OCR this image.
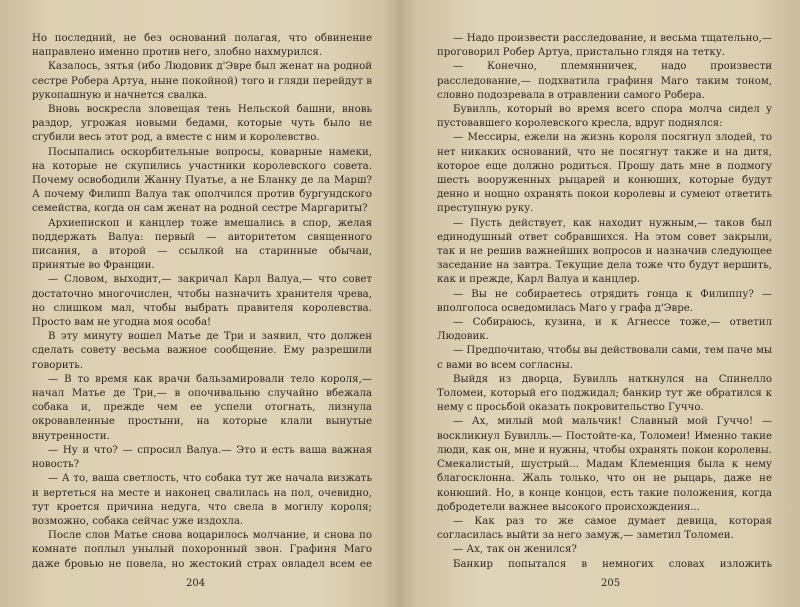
Но последний, не без оснований полагая, что обвинение направлено именно против него, злобно нахмурился.

Казалось, зятья (ибо Людовик д'Эвре был женат на родной сестре Робера Артуа, ныне покойной) того и гляди перейдут в рукопашную и начнется свалка.

Вновь воскресла зловещая тень Нельской башни, вновь раздор, угрожая новыми бедами, которые чуть было не сгубили весь этот род, а вместе с ним и королевство.

Посыпались оскорбительные вопросы, коварные намеки, на которые не скупились участники королевского совета. Почему освободили Жанну Пуатье, а не Бланку де ла Марш? А почему Филипп Валуа так ополчился против бургундского семейства, когда он сам женат на родной сестре Маргариты?

Архиепископ и канцлер тоже вмешались в спор, желая поддержать Валуа: первый — авторитетом священного писания, а второй — ссылкой на старинные обычаи, принятые во Франции.

— Словом, выходит,— закричал Карл Валуа,— что совет достаточно многочислен, чтобы назначить хранителя чрева, но слишком мал, чтобы выбрать правителя королевства. Просто вам не угодна моя особа!

В эту минуту вошел Матье де Три и заявил, что должен сделать совету весьма важное сообщение. Ему разрешили говорить.

— В то время как врачи бальзамировали тело короля,— начал Матье де Три,— в опочивальню случайно вбежала собака и, прежде чем ее успели отогнать, лизнула окровавленные простыни, на которые клали вынутые внутренности.

— Ну и что? — спросил Валуа.— Это и есть ваша важная новость?

— А то, ваша светлость, что собака тут же начала визжать и вертеться на месте и наконец свалилась на пол, очевидно, тут кроется причина недуга, что свела в могилу короля; возможно, собака сейчас уже издохла.

После слов Матье снова воцарилось молчание, и снова по комнате поплыл унылый похоронный звон. Графиня Маго даже бровью не повела, но жестокий страх овладел всем ее

204

— Надо произвести расследование, и весьма тщательно,— проговорил Робер Артуа, пристально глядя на тетку.

— Конечно, племянничек, надо произвести расследование,— подхватила графиня Маго таким тоном, словно подозревала в отравлении самого Робера.

Бувилль, который во время всего спора молча сидел у пустовавшего королевского кресла, вдруг поднялся:

— Мессиры, ежели на жизнь короля посягнул злодей, то нет никаких оснований, что не посягнут также и на дитя, которое еще должно родиться. Прошу дать мне в подмогу шесть вооруженных рыцарей и конюших, которые будут денно и нощно охранять покои королевы и сумеют ответить преступную руку.

— Пусть действует, как находит нужным,— таков был единодушный ответ собравшихся. На этом совет закрыли, так и не решив важнейших вопросов и назначив следующее заседание на завтра. Текущие дела тоже что будут вершить, как и прежде, Карл Валуа и канцлер.

— Вы не собираетесь отрядить гонца к Филиппу? — вполголоса осведомилась Маго у графа д'Эвре.

— Собираюсь, кузина, и к Агнессе тоже,— ответил Людовик.

— Предпочитаю, чтобы вы действовали сами, тем паче мы с вами во всем согласны.

Выйдя из дворца, Бувилль наткнулся на Спинелло Толомеи, который его поджидал; банкир тут же обратился к нему с просьбой оказать покровительство Гуччо.

— Ах, милый мой мальчик! Славный мой Гуччо! — воскликнул Бувилль.— Постойте-ка, Толомеи! Именно такие люди, как он, мне и нужны, чтобы охранять покои королевы. Смекалистый, шустрый... Мадам Клеменция была к нему благосклонна. Жаль только, что он не рыцарь, даже не конюший. Но, в конце концов, есть такие положения, когда добродетели важнее высокого происхождения...

— Как раз то же самое думает девица, которая согласилась выйти за него замуж,— заметил Толомеи.

— Ах, так он женился?

Банкир попытался в немногих словах изложить

205
